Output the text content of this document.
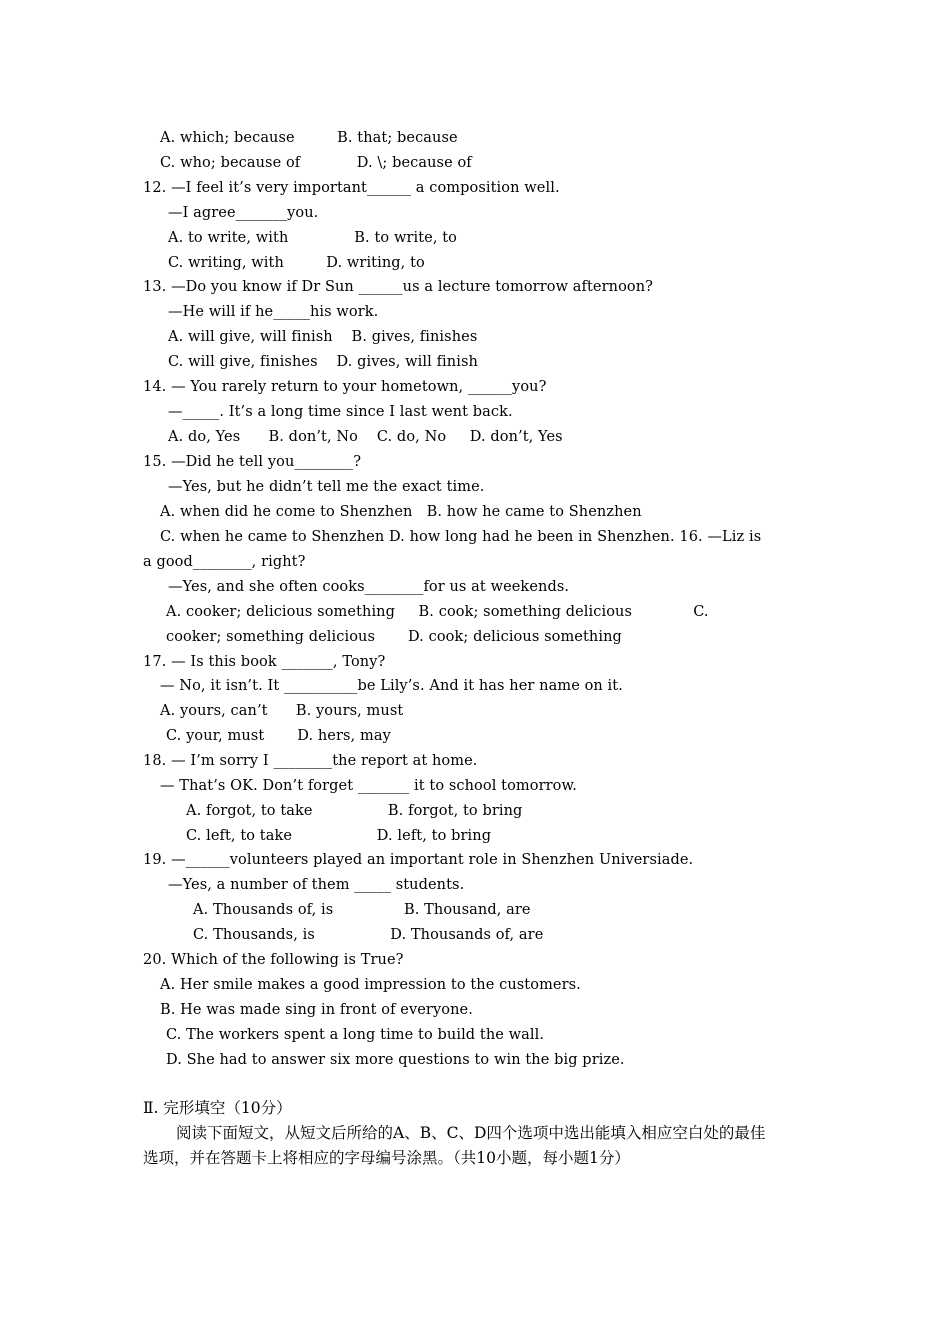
A. which; because         B. that; because
C. who; because of            D. \; because of
12. —I feel it’s very important______ a composition well.
—I agree_______you.
A. to write, with              B. to write, to
C. writing, with         D. writing, to
13. —Do you know if Dr Sun ______us a lecture tomorrow afternoon?
—He will if he_____his work.
A. will give, will finish    B. gives, finishes
C. will give, finishes    D. gives, will finish
14. — You rarely return to your hometown, ______you?
—_____. It’s a long time since I last went back.
A. do, Yes      B. don’t, No    C. do, No     D. don’t, Yes
15. —Did he tell you________?
—Yes, but he didn’t tell me the exact time.
A. when did he come to Shenzhen   B. how he came to Shenzhen
C. when he came to Shenzhen D. how long had he been in Shenzhen. 16. —Liz is
a good________, right?
—Yes, and she often cooks________for us at weekends.
A. cooker; delicious something     B. cook; something delicious             C.
cooker; something delicious       D. cook; delicious something
17. — Is this book _______, Tony?
— No, it isn’t. It __________be Lily’s. And it has her name on it.
A. yours, can’t      B. yours, must
C. your, must       D. hers, may
18. — I’m sorry I ________the report at home.
— That’s OK. Don’t forget _______ it to school tomorrow.
A. forgot, to take                B. forgot, to bring
C. left, to take                  D. left, to bring
19. —______volunteers played an important role in Shenzhen Universiade.
—Yes, a number of them _____ students.
A. Thousands of, is               B. Thousand, are
C. Thousands, is                D. Thousands of, are
20. Which of the following is True?
A. Her smile makes a good impression to the customers.
B. He was made sing in front of everyone.
C. The workers spent a long time to build the wall.
D. She had to answer six more questions to win the big prize.
Ⅱ. 完形填空（10分）
阅读下面短文，从短文后所给的A、B、C、D四个选项中选出能填入相应空白处的最佳
选项，并在答题卡上将相应的字母编号涂黑。（共10小题，每小题1分）
